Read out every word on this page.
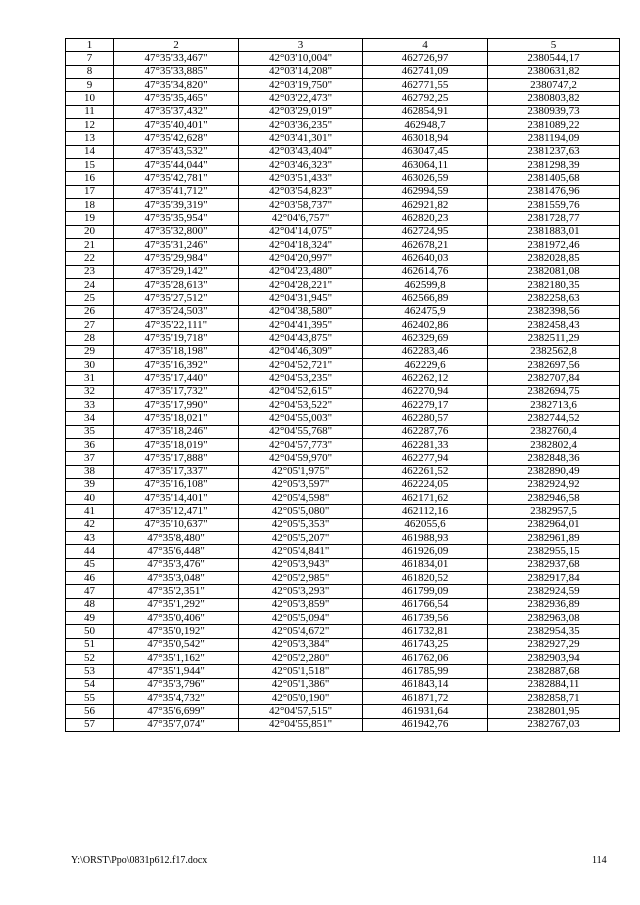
1	2	3	4	5
7	47°35'33,467"	42°03'10,004"	462726,97	2380544,17
8	47°35'33,885"	42°03'14,208"	462741,09	2380631,82
9	47°35'34,820"	42°03'19,750"	462771,55	2380747,2
10	47°35'35,465"	42°03'22,473"	462792,25	2380803,82
11	47°35'37,432"	42°03'29,019"	462854,91	2380939,73
12	47°35'40,401"	42°03'36,235"	462948,7	2381089,22
13	47°35'42,628"	42°03'41,301"	463018,94	2381194,09
14	47°35'43,532"	42°03'43,404"	463047,45	2381237,63
15	47°35'44,044"	42°03'46,323"	463064,11	2381298,39
16	47°35'42,781"	42°03'51,433"	463026,59	2381405,68
17	47°35'41,712"	42°03'54,823"	462994,59	2381476,96
18	47°35'39,319"	42°03'58,737"	462921,82	2381559,76
19	47°35'35,954"	42°04'6,757"	462820,23	2381728,77
20	47°35'32,800"	42°04'14,075"	462724,95	2381883,01
21	47°35'31,246"	42°04'18,324"	462678,21	2381972,46
22	47°35'29,984"	42°04'20,997"	462640,03	2382028,85
23	47°35'29,142"	42°04'23,480"	462614,76	2382081,08
24	47°35'28,613"	42°04'28,221"	462599,8	2382180,35
25	47°35'27,512"	42°04'31,945"	462566,89	2382258,63
26	47°35'24,503"	42°04'38,580"	462475,9	2382398,56
27	47°35'22,111"	42°04'41,395"	462402,86	2382458,43
28	47°35'19,718"	42°04'43,875"	462329,69	2382511,29
29	47°35'18,198"	42°04'46,309"	462283,46	2382562,8
30	47°35'16,392"	42°04'52,721"	462229,6	2382697,56
31	47°35'17,440"	42°04'53,235"	462262,12	2382707,84
32	47°35'17,732"	42°04'52,615"	462270,94	2382694,75
33	47°35'17,990"	42°04'53,522"	462279,17	2382713,6
34	47°35'18,021"	42°04'55,003"	462280,57	2382744,52
35	47°35'18,246"	42°04'55,768"	462287,76	2382760,4
36	47°35'18,019"	42°04'57,773"	462281,33	2382802,4
37	47°35'17,888"	42°04'59,970"	462277,94	2382848,36
38	47°35'17,337"	42°05'1,975"	462261,52	2382890,49
39	47°35'16,108"	42°05'3,597"	462224,05	2382924,92
40	47°35'14,401"	42°05'4,598"	462171,62	2382946,58
41	47°35'12,471"	42°05'5,080"	462112,16	2382957,5
42	47°35'10,637"	42°05'5,353"	462055,6	2382964,01
43	47°35'8,480"	42°05'5,207"	461988,93	2382961,89
44	47°35'6,448"	42°05'4,841"	461926,09	2382955,15
45	47°35'3,476"	42°05'3,943"	461834,01	2382937,68
46	47°35'3,048"	42°05'2,985"	461820,52	2382917,84
47	47°35'2,351"	42°05'3,293"	461799,09	2382924,59
48	47°35'1,292"	42°05'3,859"	461766,54	2382936,89
49	47°35'0,406"	42°05'5,094"	461739,56	2382963,08
50	47°35'0,192"	42°05'4,672"	461732,81	2382954,35
51	47°35'0,542"	42°05'3,384"	461743,25	2382927,29
52	47°35'1,162"	42°05'2,280"	461762,06	2382903,94
53	47°35'1,944"	42°05'1,518"	461785,99	2382887,68
54	47°35'3,796"	42°05'1,386"	461843,14	2382884,11
55	47°35'4,732"	42°05'0,190"	461871,72	2382858,71
56	47°35'6,699"	42°04'57,515"	461931,64	2382801,95
57	47°35'7,074"	42°04'55,851"	461942,76	2382767,03
Y:\ORST\Ppo\0831p612.f17.docx	114
